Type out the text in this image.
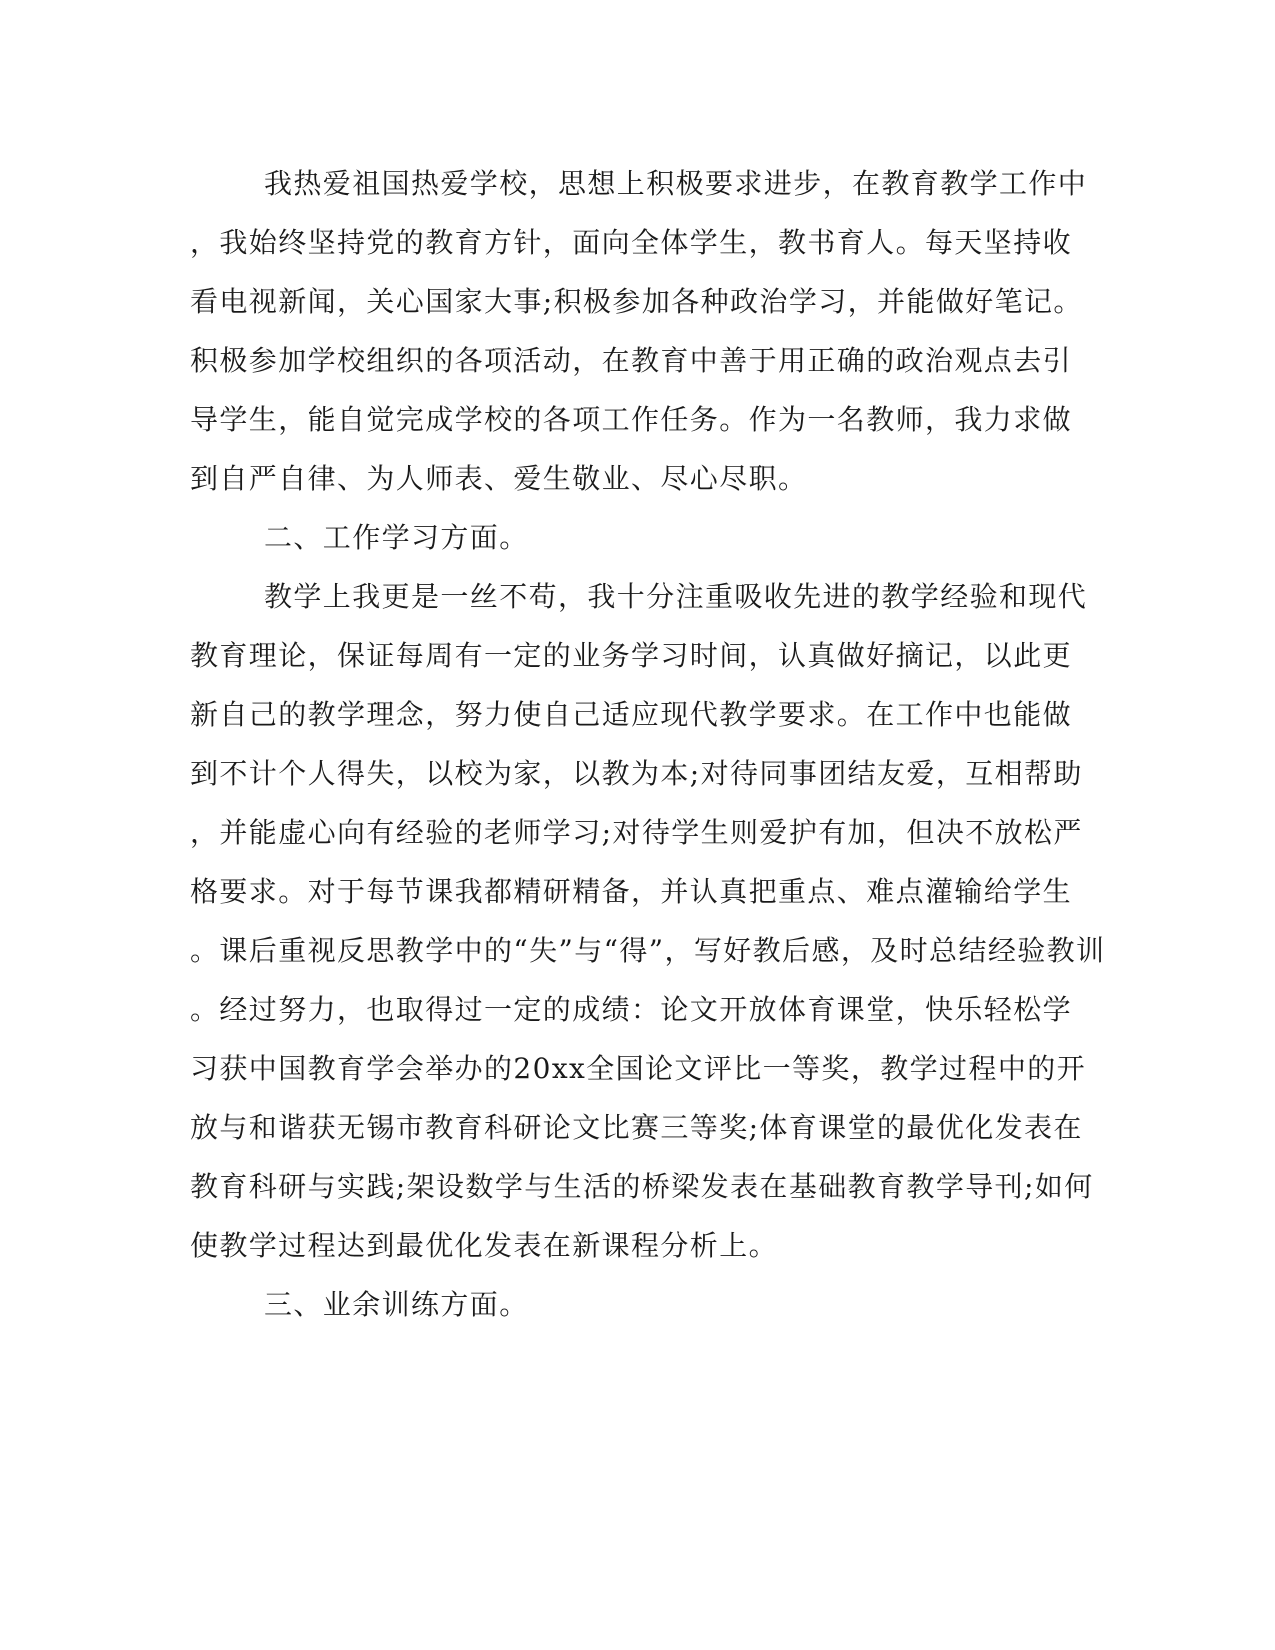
我热爱祖国热爱学校，思想上积极要求进步，在教育教学工作中
，我始终坚持党的教育方针，面向全体学生，教书育人。每天坚持收
看电视新闻，关心国家大事;积极参加各种政治学习，并能做好笔记。
积极参加学校组织的各项活动，在教育中善于用正确的政治观点去引
导学生，能自觉完成学校的各项工作任务。作为一名教师，我力求做
到自严自律、为人师表、爱生敬业、尽心尽职。
二、工作学习方面。
教学上我更是一丝不苟，我十分注重吸收先进的教学经验和现代
教育理论，保证每周有一定的业务学习时间，认真做好摘记，以此更
新自己的教学理念，努力使自己适应现代教学要求。在工作中也能做
到不计个人得失，以校为家，以教为本;对待同事团结友爱，互相帮助
，并能虚心向有经验的老师学习;对待学生则爱护有加，但决不放松严
格要求。对于每节课我都精研精备，并认真把重点、难点灌输给学生
。课后重视反思教学中的“失”与“得”，写好教后感，及时总结经验教训
。经过努力，也取得过一定的成绩：论文开放体育课堂，快乐轻松学
习获中国教育学会举办的20xx全国论文评比一等奖，教学过程中的开
放与和谐获无锡市教育科研论文比赛三等奖;体育课堂的最优化发表在
教育科研与实践;架设数学与生活的桥梁发表在基础教育教学导刊;如何
使教学过程达到最优化发表在新课程分析上。
三、业余训练方面。
